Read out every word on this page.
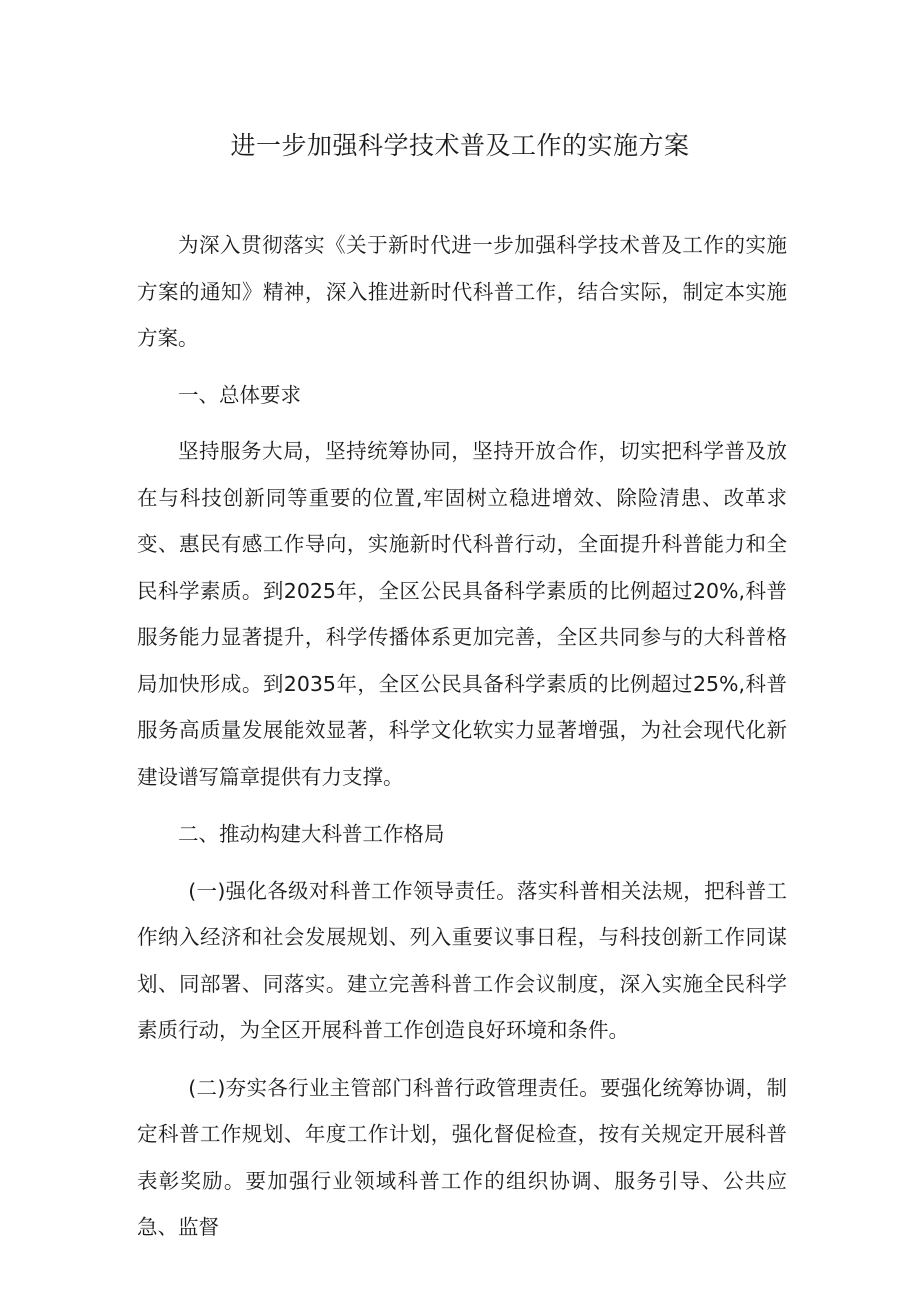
进一步加强科学技术普及工作的实施方案

为深入贯彻落实《关于新时代进一步加强科学技术普及工作的实施方案的通知》精神，深入推进新时代科普工作，结合实际，制定本实施方案。

一、总体要求

坚持服务大局，坚持统筹协同，坚持开放合作，切实把科学普及放在与科技创新同等重要的位置,牢固树立稳进增效、除险清患、改革求变、惠民有感工作导向，实施新时代科普行动，全面提升科普能力和全民科学素质。到2025年，全区公民具备科学素质的比例超过20%,科普服务能力显著提升，科学传播体系更加完善，全区共同参与的大科普格局加快形成。到2035年，全区公民具备科学素质的比例超过25%,科普服务高质量发展能效显著，科学文化软实力显著增强，为社会现代化新建设谱写篇章提供有力支撑。

二、推动构建大科普工作格局

(一)强化各级对科普工作领导责任。落实科普相关法规，把科普工作纳入经济和社会发展规划、列入重要议事日程，与科技创新工作同谋划、同部署、同落实。建立完善科普工作会议制度，深入实施全民科学素质行动，为全区开展科普工作创造良好环境和条件。

(二)夯实各行业主管部门科普行政管理责任。要强化统筹协调，制定科普工作规划、年度工作计划，强化督促检查，按有关规定开展科普表彰奖励。要加强行业领域科普工作的组织协调、服务引导、公共应急、监督
